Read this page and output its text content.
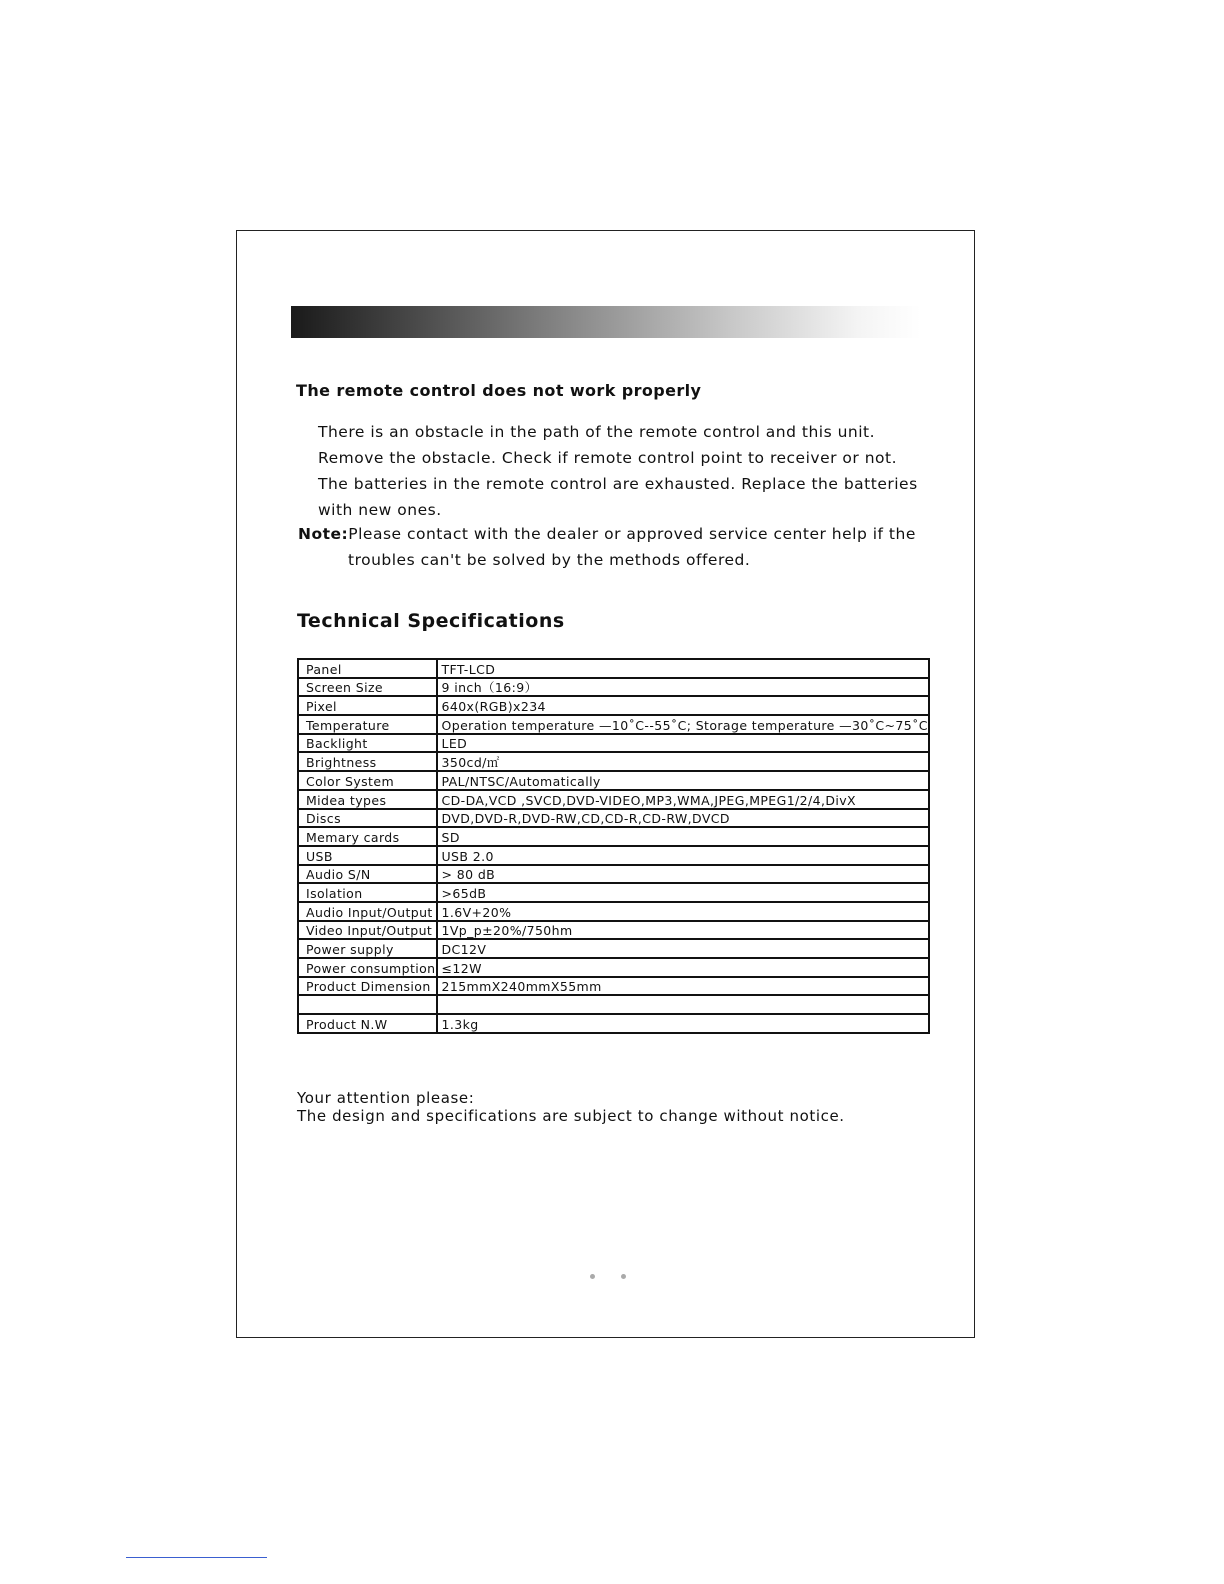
The remote control does not work properly
There is an obstacle in the path of the remote control and this unit.
Remove the obstacle. Check if remote control point to receiver or not.
The batteries in the remote control are exhausted. Replace the batteries
with new ones.
Note:Please contact with the dealer or approved service center help if the
troubles can't be solved by the methods offered.
Technical Specifications
Panel	TFT-LCD
Screen Size	9 inch（16:9）
Pixel	640x(RGB)x234
Temperature	Operation temperature —10˚C--55˚C; Storage temperature —30˚C~75˚C
Backlight	LED
Brightness	350cd/㎡
Color System	PAL/NTSC/Automatically
Midea types	CD-DA,VCD ,SVCD,DVD-VIDEO,MP3,WMA,JPEG,MPEG1/2/4,DivX
Discs	DVD,DVD-R,DVD-RW,CD,CD-R,CD-RW,DVCD
Memary cards	SD
USB	USB 2.0
Audio S/N	> 80 dB
Isolation	>65dB
Audio Input/Output	1.6V+20%
Video Input/Output	1Vp_p±20%/750hm
Power supply	DC12V
Power consumption	≤12W
Product Dimension	215mmX240mmX55mm

Product N.W	1.3kg
Your attention please:
The design and specifications are subject to change without notice.
